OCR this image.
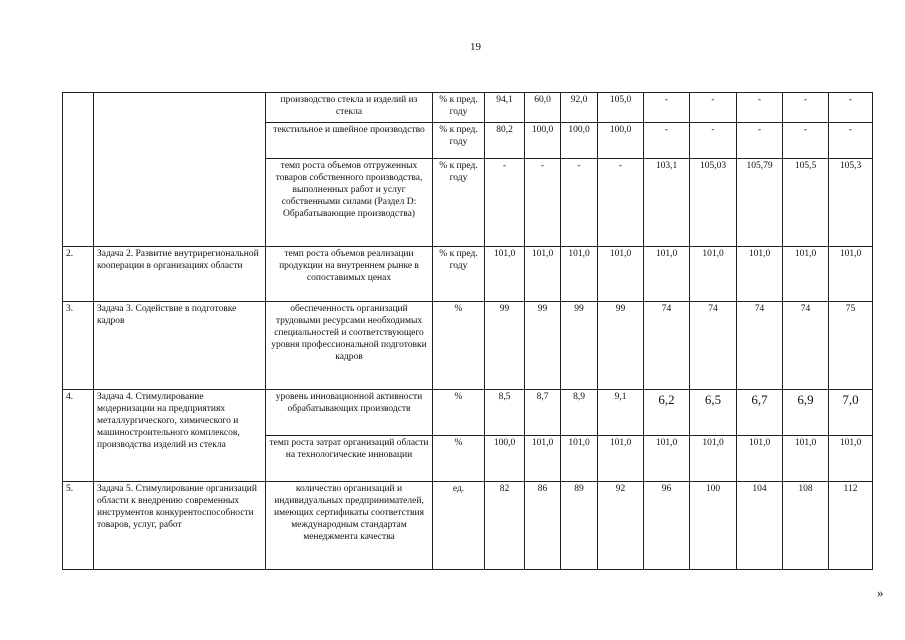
19
		производство стекла и изделий из стекла	% к пред. году	94,1	60,0	92,0	105,0	-	-	-	-	-
		текстильное и швейное производство	% к пред. году	80,2	100,0	100,0	100,0	-	-	-	-	-
		темп роста объемов отгруженных товаров собственного производства, выполненных работ и услуг собственными силами (Раздел D: Обрабатывающие производства)	% к пред. году	-	-	-	-	103,1	105,03	105,79	105,5	105,3
2.	Задача 2. Развитие внутрирегиональной кооперации в организациях области	темп роста объемов реализации продукции на внутреннем рынке в сопоставимых ценах	% к пред. году	101,0	101,0	101,0	101,0	101,0	101,0	101,0	101,0	101,0
3.	Задача 3. Содействие в подготовке кадров	обеспеченность организаций трудовыми ресурсами необходимых специальностей и соответствующего уровня профессиональной подготовки кадров	%	99	99	99	99	74	74	74	74	75
4.	Задача 4. Стимулирование модернизации на предприятиях металлургического, химического и машиностроительного комплексов, производства изделий из стекла	уровень инновационной активности обрабатывающих производств	%	8,5	8,7	8,9	9,1	6,2	6,5	6,7	6,9	7,0
		темп роста затрат организаций области на технологические инновации	%	100,0	101,0	101,0	101,0	101,0	101,0	101,0	101,0	101,0
5.	Задача 5. Стимулирование организаций области к внедрению современных инструментов конкурентоспособности товаров, услуг, работ	количество организаций и индивидуальных предпринимателей, имеющих сертификаты соответствия международным стандартам менеджмента качества	ед.	82	86	89	92	96	100	104	108	112
»
